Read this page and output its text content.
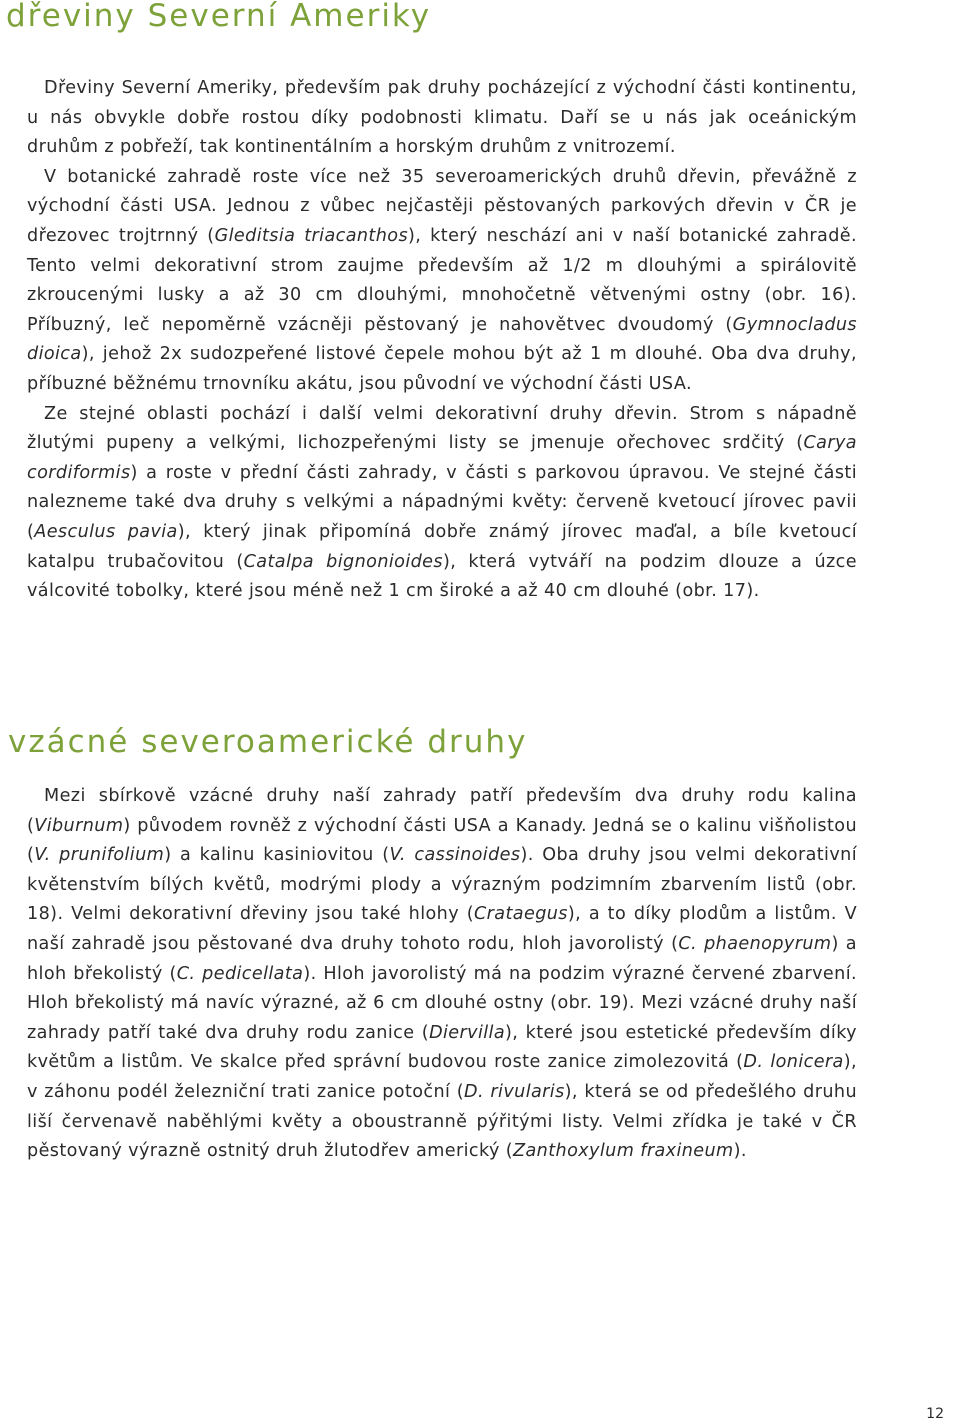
dřeviny Severní Ameriky

Dřeviny Severní Ameriky, především pak druhy pocházející z východní části kontinentu, u nás obvykle dobře rostou díky podobnosti klimatu. Daří se u nás jak oceánickým druhům z pobřeží, tak kontinentálním a horským druhům z vnitrozemí.

V botanické zahradě roste více než 35 severoamerických druhů dřevin, převážně z východní části USA. Jednou z vůbec nejčastěji pěstovaných parkových dřevin v ČR je dřezovec trojtrnný (Gleditsia triacanthos), který neschází ani v naší botanické zahradě. Tento velmi dekorativní strom zaujme především až 1/2 m dlouhými a spirálovitě zkroucenými lusky a až 30 cm dlouhými, mnohočetně větvenými ostny (obr. 16). Příbuzný, leč nepoměrně vzácněji pěstovaný je nahovětvec dvoudomý (Gymnocladus dioica), jehož 2x sudozpeřené listové čepele mohou být až 1 m dlouhé. Oba dva druhy, příbuzné běžnému trnovníku akátu, jsou původní ve východní části USA.

Ze stejné oblasti pochází i další velmi dekorativní druhy dřevin. Strom s nápadně žlutými pupeny a velkými, lichozpeřenými listy se jmenuje ořechovec srdčitý (Carya cordiformis) a roste v přední části zahrady, v části s parkovou úpravou. Ve stejné části nalezneme také dva druhy s velkými a nápadnými květy: červeně kvetoucí jírovec pavii (Aesculus pavia), který jinak připomíná dobře známý jírovec maďal, a bíle kvetoucí katalpu trubačovitou (Catalpa bignonioides), která vytváří na podzim dlouze a úzce válcovité tobolky, které jsou méně než 1 cm široké a až 40 cm dlouhé (obr. 17).

vzácné severoamerické druhy

Mezi sbírkově vzácné druhy naší zahrady patří především dva druhy rodu kalina (Viburnum) původem rovněž z východní části USA a Kanady. Jedná se o kalinu višňolistou (V. prunifolium) a kalinu kasiniovitou (V. cassinoides). Oba druhy jsou velmi dekorativní květenstvím bílých květů, modrými plody a výrazným podzimním zbarvením listů (obr. 18). Velmi dekorativní dřeviny jsou také hlohy (Crataegus), a to díky plodům a listům. V naší zahradě jsou pěstované dva druhy tohoto rodu, hloh javorolistý (C. phaenopyrum) a hloh břekolistý (C. pedicellata). Hloh javorolistý má na podzim výrazné červené zbarvení. Hloh břekolistý má navíc výrazné, až 6 cm dlouhé ostny (obr. 19). Mezi vzácné druhy naší zahrady patří také dva druhy rodu zanice (Diervilla), které jsou estetické především díky květům a listům. Ve skalce před správní budovou roste zanice zimolezovitá (D. lonicera), v záhonu podél železniční trati zanice potoční (D. rivularis), která se od předešlého druhu liší červenavě naběhlými květy a oboustranně pýřitými listy. Velmi zřídka je také v ČR pěstovaný výrazně ostnitý druh žlutodřev americký (Zanthoxylum fraxineum).

12
